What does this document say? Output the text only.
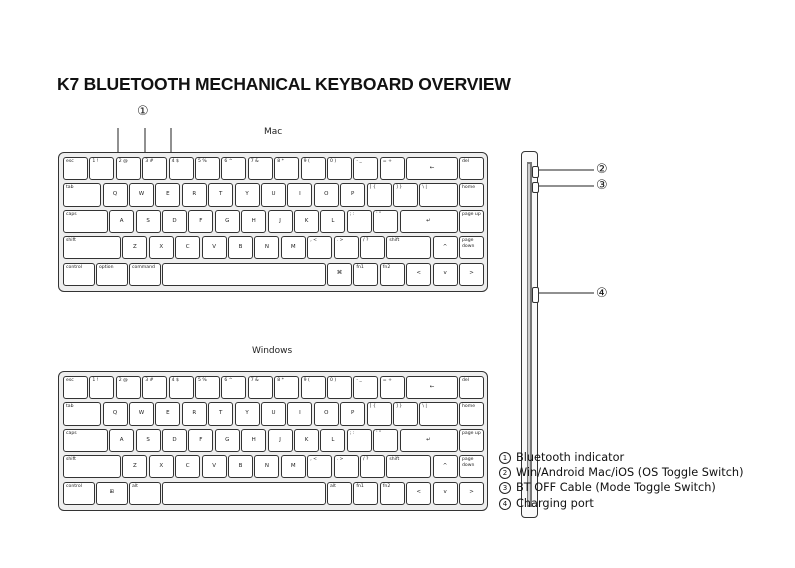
K7 BLUETOOTH MECHANICAL KEYBOARD OVERVIEW
Mac
Windows
①
②
③
④
esc	1 !	2 @	3 #	4 $	5 %	6 ^	7 &	8 *	9 (	0 )	- _	= +
←
del
tab
Q	W	E	R	T	Y	U	I	O	P
[ {	] }	\ |	home
caps
A	S	D	F	G	H	J	K	L
; :	' "
↵
page up
shift
Z	X	C	V	B	N	M
, <	. >	/ ?	shift
^
page down
control	option	command
⌘
fn1	fn2
<	v	>
esc	1 !	2 @	3 #	4 $	5 %	6 ^	7 &	8 *	9 (	0 )	- _	= +
←
del
tab
Q	W	E	R	T	Y	U	I	O	P
[ {	] }	\ |	home
caps
A	S	D	F	G	H	J	K	L
; :	' "
↵
page up
shift
Z	X	C	V	B	N	M
, <	. >	/ ?	shift
^
page down
control
⊞
alt	alt	fn1	fn2
<	v	>
1 Bluetooth indicator
2 Win/Android Mac/iOS (OS Toggle Switch)
3 BT OFF Cable (Mode Toggle Switch)
4 Charging port
